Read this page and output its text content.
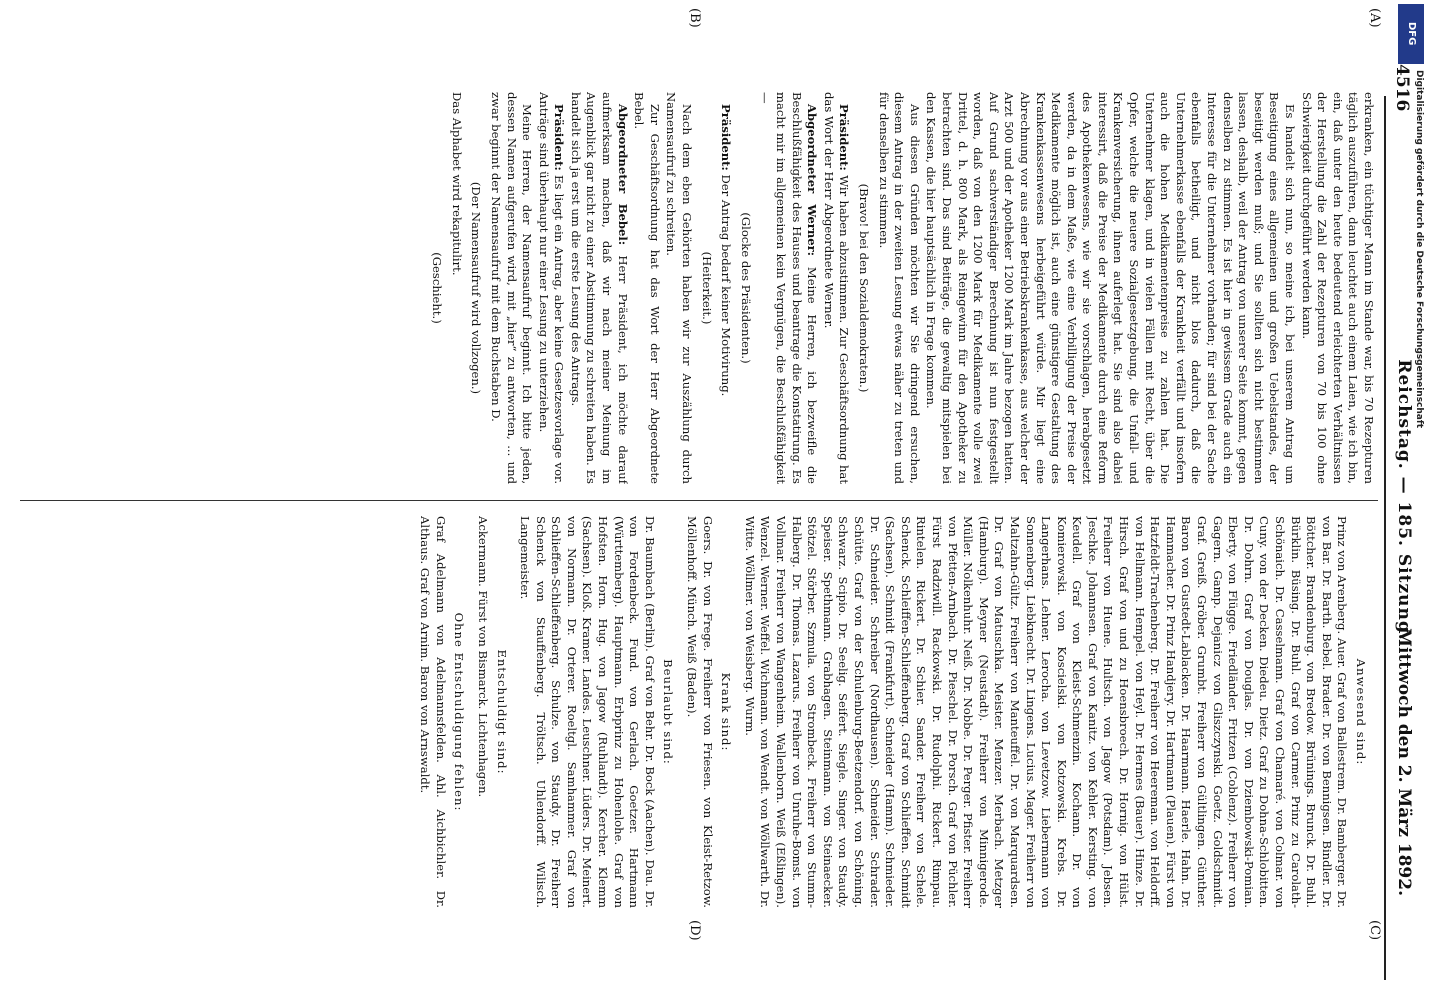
4516
Reichstag. — 185. Sitzung.
Mittwoch den 2. März 1892.
(A)
(B)
(C)
(D)

erkranken, ein tüchtiger Mann im Stande war, bis 70 Rezepturen täglich auszuführen, dann leuchtet auch einem Laien, wie ich bin, ein, daß unter den heute bedeutend erleichterten Verhältnissen der Herstellung die Zahl der Rezepturen von 70 bis 100 ohne Schwierigkeit durchgeführt werden kann.

Es handelt sich nun, so meine ich, bei unserem Antrag um Beseitigung eines allgemeinen und großen Uebelstandes, der beseitigt werden muß; und Sie sollten sich nicht bestimmen lassen, deshalb, weil der Antrag von unserer Seite kommt, gegen denselben zu stimmen. Es ist hier in gewissem Grade auch ein Interesse für die Unternehmer vorhanden; für sind bei der Sache ebenfalls betheiligt, und nicht blos dadurch, daß die Unternehmerkasse ebenfalls der Krankheit verfällt und insofern auch die hohen Medikamentenpreise zu zahlen hat. Die Unternehmer klagen, und in vielen Fällen mit Recht, über die Opfer, welche die neuere Sozialgesetzgebung, die Unfall- und Krankenversicherung, ihnen auferlegt hat. Sie sind also dabei interessirt, daß die Preise der Medikamente durch eine Reform des Apothekenwesens, wie wir sie vorschlagen, herabgesetzt werden, da in dem Maße, wie eine Verbilligung der Preise der Medikamente möglich ist, auch eine günstigere Gestaltung des Krankenkassenwesens herbeigeführt würde. Mir liegt eine Abrechnung vor aus einer Betriebskrankenkasse, aus welcher der Arzt 500 und der Apotheker 1200 Mark im Jahre bezogen hatten. Auf Grund sachverständiger Berechnung ist nun festgestellt worden, daß von den 1200 Mark für Medikamente volle zwei Drittel, d. h. 800 Mark, als Reingewinn für den Apotheker zu betrachten sind. Das sind Beiträge, die gewaltig mitspielen bei den Kassen, die hier hauptsächlich in Frage kommen.

Aus diesen Gründen möchten wir Sie dringend ersuchen, diesem Antrag in der zweiten Lesung etwas näher zu treten und für denselben zu stimmen.

(Bravo! bei den Sozialdemokraten.)

Präsident: Wir haben abzustimmen. Zur Geschäftsordnung hat das Wort der Herr Abgeordnete Werner.

Abgeordneter Werner: Meine Herren, ich bezweifle die Beschlußfähigkeit des Hauses und beantrage die Konstatirung. Es macht mir im allgemeinen kein Vergnügen, die Beschlußfähigkeit —

(Glocke des Präsidenten.)

Präsident: Der Antrag bedarf keiner Motivirung.

(Heiterkeit.)

Nach dem eben Gehörten haben wir zur Auszählung durch Namensaufruf zu schreiten.

Zur Geschäftsordnung hat das Wort der Herr Abgeordnete Bebel.

Abgeordneter Bebel: Herr Präsident, ich möchte darauf aufmerksam machen, daß wir nach meiner Meinung im Augenblick gar nicht zu einer Abstimmung zu schreiten haben. Es handelt sich ja erst um die erste Lesung des Antrags.

Präsident: Es liegt ein Antrag, aber keine Gesetzesvorlage vor. Anträge sind überhaupt nur einer Lesung zu unterziehen.

Meine Herren, der Namensaufruf beginnt. Ich bitte jeden, dessen Namen aufgerufen wird, mit „hier“ zu antworten, ... und zwar beginnt der Namensaufruf mit dem Buchstaben D.

(Der Namensaufruf wird vollzogen.)

Das Alphabet wird rekapitulirt.

(Geschieht.)

Anwesend sind:

Prinz von Arenberg. Auer. Graf von Ballestrem. Dr. Bamberger. Dr. von Bar. Dr. Barth. Bebel. Brader. Dr. von Bennigsen. Bindler. Dr. Böttcher. Brandenburg. von Bredow. Brünings. Brunck. Dr. Buhl. Bürklin. Büsing. Dr. Buhl. Graf von Carmer. Prinz zu Carolath-Schönaich. Dr. Casselmann. Graf von Chamaré. von Colmar. von Cuny. von der Decken. Diedeu. Dietz. Graf zu Dohna-Schlobitten. Dr. Dohrn. Graf von Douglas. Dr. von Dziembowski-Pomian. Eberty. von Flügge. Friedländer. Fritzen (Coblenz). Freiherr von Gagern. Gamp. Dejanicz von Gliszczynski. Goetz. Goldschmidt. Graf. Greiß. Gröber. Grumbt. Freiherr von Gültlingen. Günther. Baron von Gustedt-Lablacken. Dr. Haarmann. Haerle. Hahn. Dr. Hammacher. Dr. Prinz Handjery. Dr. Hartmann (Plauen). Fürst von Hatzfeldt-Trachenberg. Dr. Freiherr von Heereman. von Heldorff. von Hellmann. Hempel. von Heyl. Dr. Hermes (Bauer). Hinze. Dr. Hirsch. Graf von und zu Hoensbroech. Dr. Hornig. von Hülst. Freiherr von Huene. Hultsch. von Jagow (Potsdam). Jebsen. Jeschke. Johannsen. Graf von Kanitz. von Kehler. Kersting. von Keudell. Graf von Kleist-Schmenzin. Kochann. Dr. von Komierowski. von Koscielski. von Kotzowski. Krebs. Dr. Langerhans. Lehner. Lerocha. von Levetzow. Liebermann von Sonnenberg. Liebknecht. Dr. Lingens. Lucius. Mager. Freiherr von Maltzahn-Gültz. Freiherr von Manteuffel. Dr. von Marquardsen. Dr. Graf von Matuschka. Meister. Menzer. Merbach. Metzger (Hamburg). Meyner (Neustadt). Freiherr von Minnigerode. Müller. Nolkenhuhr. Neiß. Dr. Nobbe. Dr. Perger. Pfister. Freiherr von Pfetten-Arnbach. Dr. Pieschel. Dr. Porsch. Graf von Püchler. Fürst Radziwill. Rackowski. Dr. Rudolphi. Rickert. Rimpau. Rintelen. Rickert. Dr. Schier. Sander. Freiherr von Schele. Schenck. Schleiffen-Schlieffenberg. Graf von Schlieffen. Schmidt (Sachsen). Schmidt (Frankfurt). Schneider (Hamm). Schmieder. Dr. Schneider. Schreiber (Nordhausen). Schneider. Schrader. Schütte. Graf von der Schulenburg-Beetzendorf. von Schöning. Schwarz. Scipio. Dr. Seelig. Seifert. Siegle. Singer. von Staudy. Speiser. Spethmann. Grabhagen. Steinmann. von Steinaecker. Stötzel. Störber. Szmula. von Strombeck. Freiherr von Stumm-Halberg. Dr. Thomas. Lazarus. Freiherr von Unruhe-Bomst. von Vollmar. Freiherr von Wangenheim. Wallenborn. Weiß (Eßlingen). Wenzel. Werner. Weffel. Wichmann. von Wendt. von Wöllwarth. Dr. Witte. Wöllmer. von Weisberg. Wurm.

Krank sind:

Goers. Dr. von Frege. Freiherr von Friesen. von Kleist-Retzow. Möllenhoff. Münch. Weiß (Baden).

Beurlaubt sind:

Dr. Baumbach (Berlin). Graf von Behr. Dr. Bock (Aachen). Dau. Dr. von Fordenbeck. Fund. von Gerlach. Goetzer. Hartmann (Württemberg). Hauptmann. Erbprinz zu Hohenlohe. Graf von Hofsten. Horn. Hug. von Jagow (Ruhlandt). Kercher. Klemm (Sachsen). Kloß. Kramer. Landes. Leuschner. Lüders. Dr. Meinert. von Normann. Dr. Orterer. Roeltgl. Samhammer. Graf von Schlieffen-Schlieffenberg. Schulze. von Staudy. Dr. Freiherr Schenck von Stauffenberg. Tröltsch. Uhlendorff. Wilisch. Langemeister.

Entschuldigt sind:

Ackermann. Fürst von Bismarck. Lichtenhagen.

Ohne Entschuldigung fehlen:

Graf Adelmann von Adelmannsfelden. Ahl. Aichbichler. Dr. Althaus. Graf von Arnim. Baron von Arnswaldt.

DFG
Digitalisierung gefördert durch die Deutsche Forschungsgemeinschaft
